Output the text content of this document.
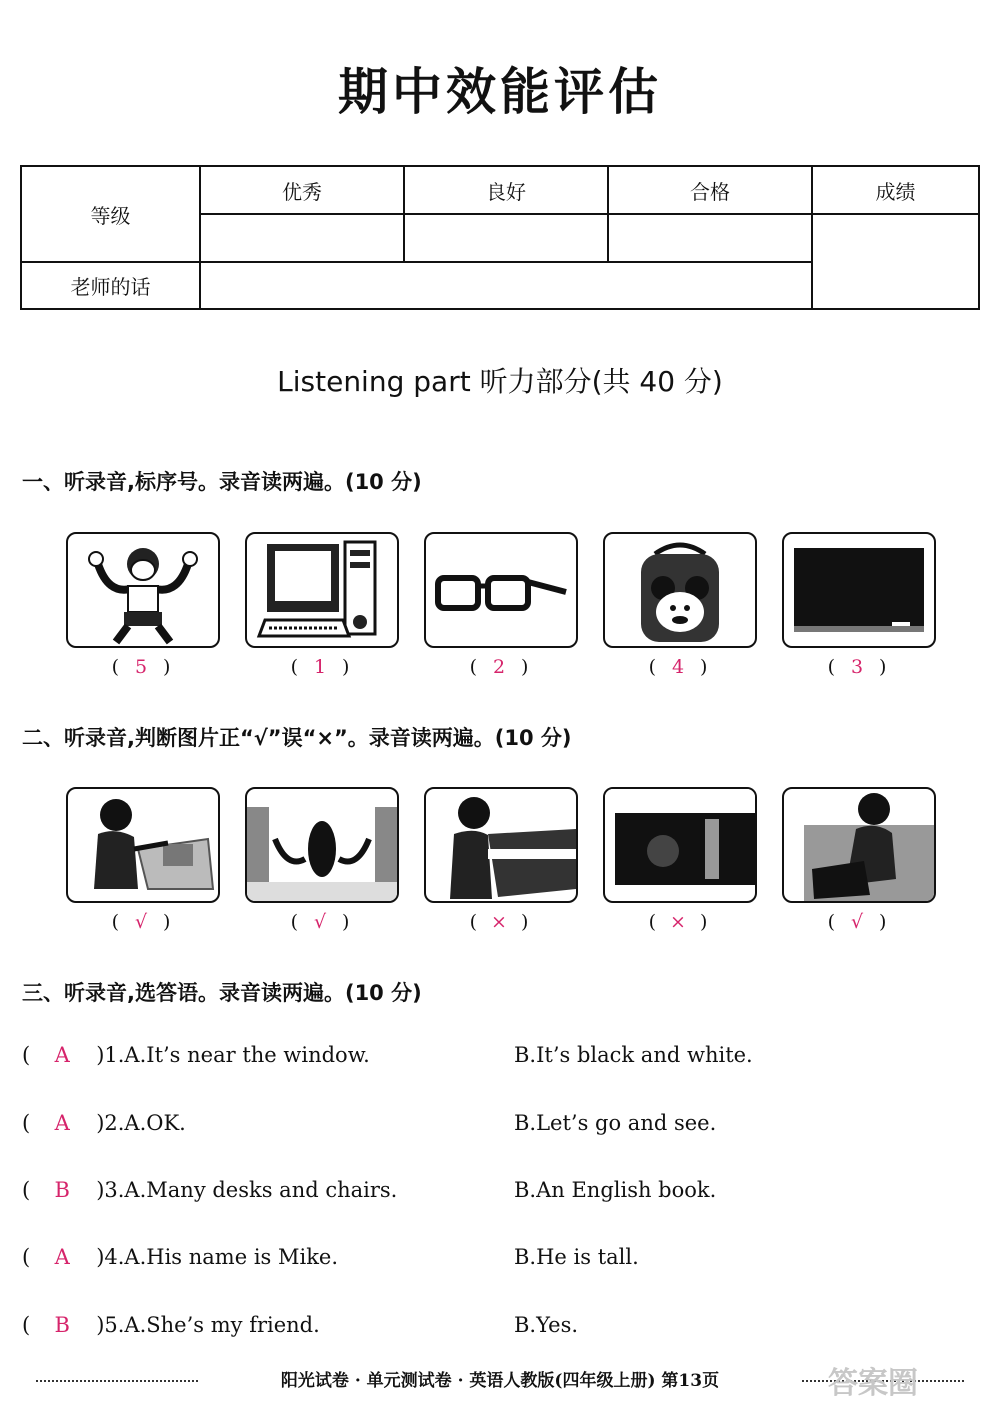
期中效能评估
等级	优秀	良好	合格	成绩

老师的话				
Listening part 听力部分(共 40 分)
一、听录音,标序号。录音读两遍。(10 分)
( 5 )	( 1 )	( 2 )	( 4 )	( 3 )
二、听录音,判断图片正“√”误“×”。录音读两遍。(10 分)
( √ )	( √ )	( × )	( × )	( √ )
三、听录音,选答语。录音读两遍。(10 分)
( A )1.A.It’s near the window.	B.It’s black and white.
( A )2.A.OK.	B.Let’s go and see.
( B )3.A.Many desks and chairs.	B.An English book.
( A )4.A.His name is Mike.	B.He is tall.
( B )5.A.She’s my friend.	B.Yes.
阳光试卷 · 单元测试卷 · 英语人教版(四年级上册) 第13页	答案圈
